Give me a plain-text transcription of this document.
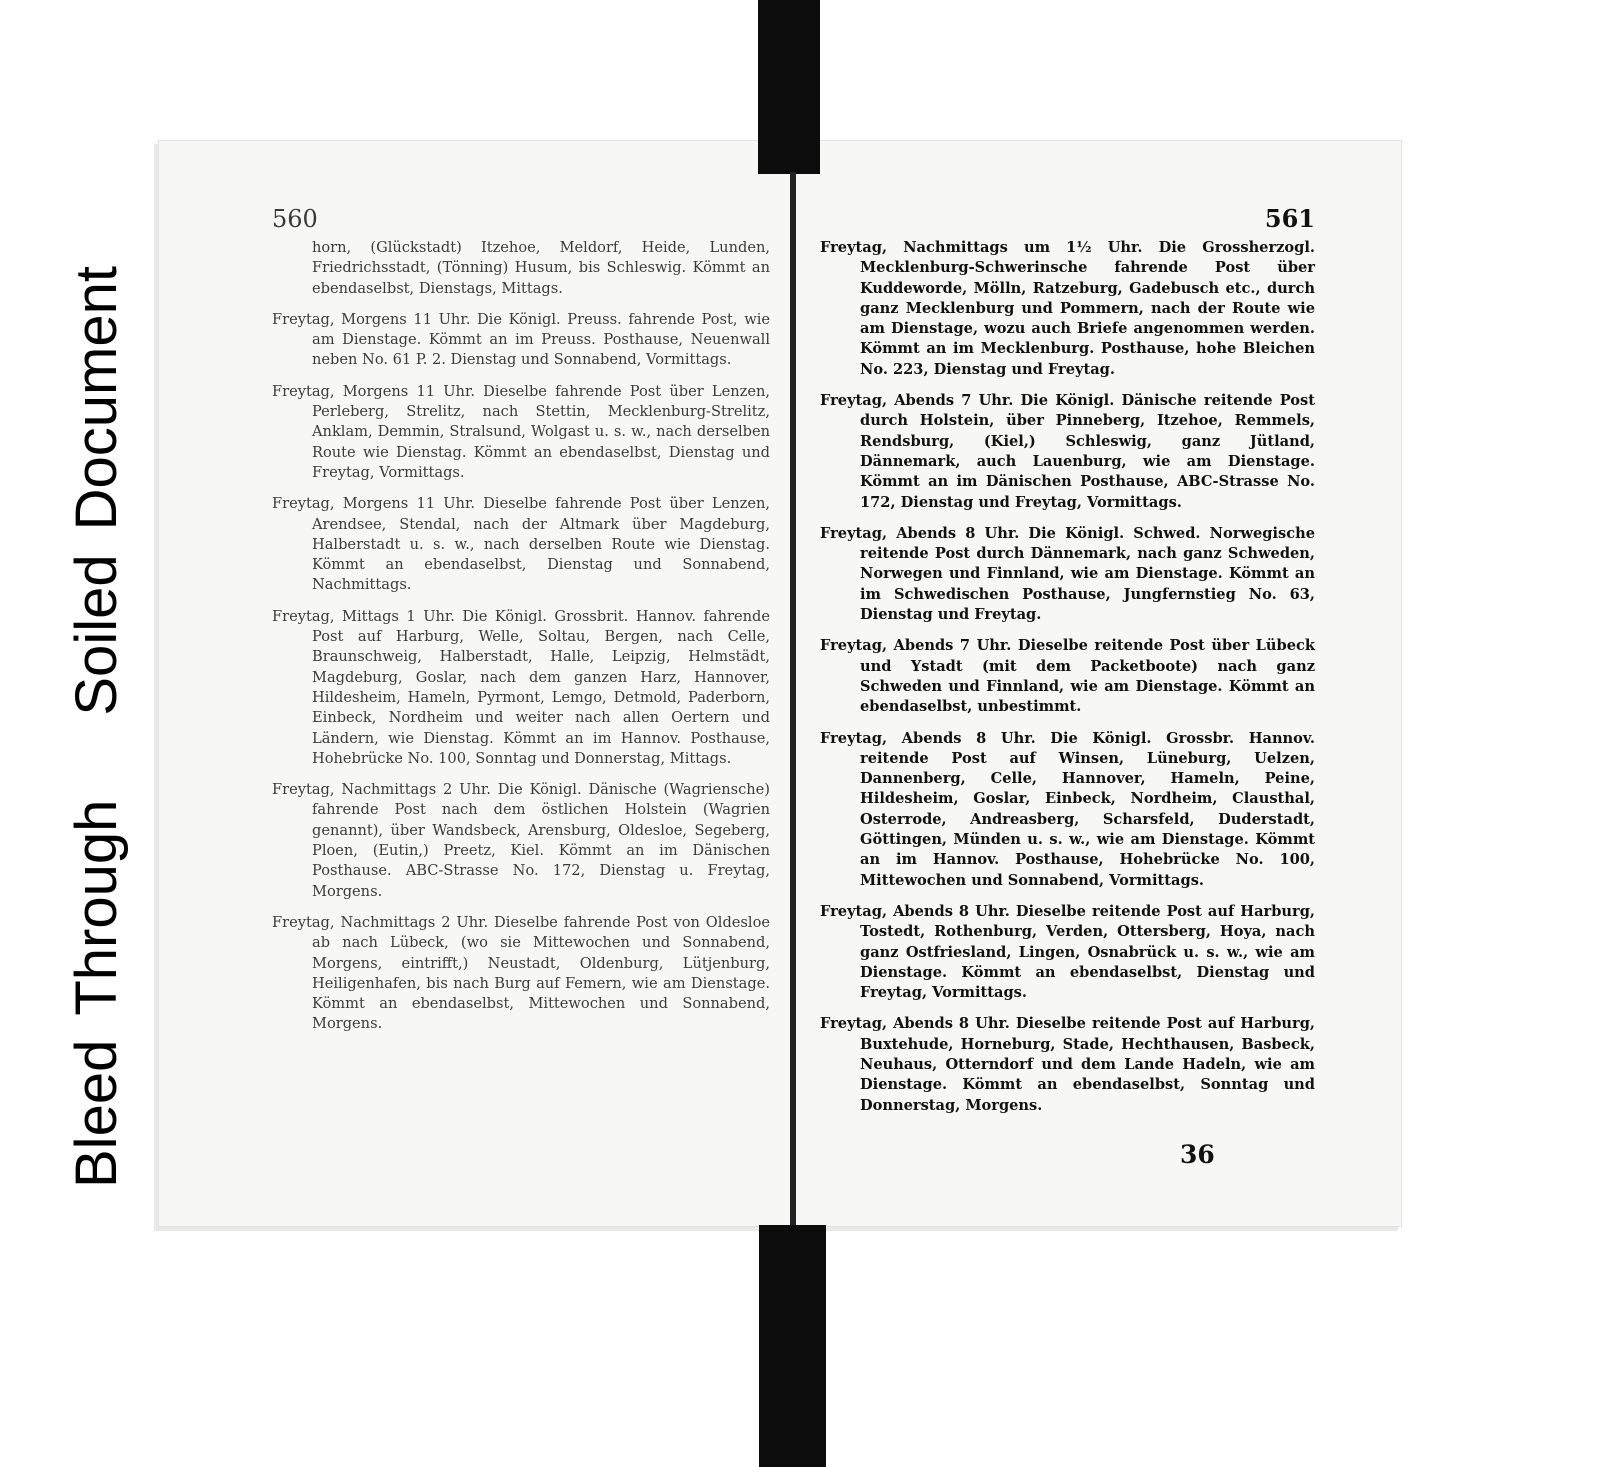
BleedThroughSoiledDocument
560
horn, (Glückstadt) Itzehoe, Meldorf, Heide, Lunden, Friedrichsstadt, (Tönning) Husum, bis Schleswig. Kömmt an ebendaselbst, Dienstags, Mittags.
Freytag, Morgens 11 Uhr. Die Königl. Preuss. fahrende Post, wie am Dienstage. Kömmt an im Preuss. Posthause, Neuenwall neben No. 61 P. 2. Dienstag und Sonnabend, Vormittags.
Freytag, Morgens 11 Uhr. Dieselbe fahrende Post über Lenzen, Perleberg, Strelitz, nach Stettin, Mecklenburg-Strelitz, Anklam, Demmin, Stralsund, Wolgast u. s. w., nach derselben Route wie Dienstag. Kömmt an ebendaselbst, Dienstag und Freytag, Vormittags.
Freytag, Morgens 11 Uhr. Dieselbe fahrende Post über Lenzen, Arendsee, Stendal, nach der Altmark über Magdeburg, Halberstadt u. s. w., nach derselben Route wie Dienstag. Kömmt an ebendaselbst, Dienstag und Sonnabend, Nachmittags.
Freytag, Mittags 1 Uhr. Die Königl. Grossbrit. Hannov. fahrende Post auf Harburg, Welle, Soltau, Bergen, nach Celle, Braunschweig, Halberstadt, Halle, Leipzig, Helmstädt, Magdeburg, Goslar, nach dem ganzen Harz, Hannover, Hildesheim, Hameln, Pyrmont, Lemgo, Detmold, Paderborn, Einbeck, Nordheim und weiter nach allen Oertern und Ländern, wie Dienstag. Kömmt an im Hannov. Posthause, Hohebrücke No. 100, Sonntag und Donnerstag, Mittags.
Freytag, Nachmittags 2 Uhr. Die Königl. Dänische (Wagriensche) fahrende Post nach dem östlichen Holstein (Wagrien genannt), über Wandsbeck, Arensburg, Oldesloe, Segeberg, Ploen, (Eutin,) Preetz, Kiel. Kömmt an im Dänischen Posthause. ABC-Strasse No. 172, Dienstag u. Freytag, Morgens.
Freytag, Nachmittags 2 Uhr. Dieselbe fahrende Post von Oldesloe ab nach Lübeck, (wo sie Mittewochen und Sonnabend, Morgens, eintrifft,) Neustadt, Oldenburg, Lütjenburg, Heiligenhafen, bis nach Burg auf Femern, wie am Dienstage. Kömmt an ebendaselbst, Mittewochen und Sonnabend, Morgens.
561
Freytag, Nachmittags um 1½ Uhr. Die Grossherzogl. Mecklenburg-Schwerinsche fahrende Post über Kuddeworde, Mölln, Ratzeburg, Gadebusch etc., durch ganz Mecklenburg und Pommern, nach der Route wie am Dienstage, wozu auch Briefe angenommen werden. Kömmt an im Mecklenburg. Posthause, hohe Bleichen No. 223, Dienstag und Freytag.
Freytag, Abends 7 Uhr. Die Königl. Dänische reitende Post durch Holstein, über Pinneberg, Itzehoe, Remmels, Rendsburg, (Kiel,) Schleswig, ganz Jütland, Dännemark, auch Lauenburg, wie am Dienstage. Kömmt an im Dänischen Posthause, ABC-Strasse No. 172, Dienstag und Freytag, Vormittags.
Freytag, Abends 8 Uhr. Die Königl. Schwed. Norwegische reitende Post durch Dännemark, nach ganz Schweden, Norwegen und Finnland, wie am Dienstage. Kömmt an im Schwedischen Posthause, Jungfernstieg No. 63, Dienstag und Freytag.
Freytag, Abends 7 Uhr. Dieselbe reitende Post über Lübeck und Ystadt (mit dem Packetboote) nach ganz Schweden und Finnland, wie am Dienstage. Kömmt an ebendaselbst, unbestimmt.
Freytag, Abends 8 Uhr. Die Königl. Grossbr. Hannov. reitende Post auf Winsen, Lüneburg, Uelzen, Dannenberg, Celle, Hannover, Hameln, Peine, Hildesheim, Goslar, Einbeck, Nordheim, Clausthal, Osterrode, Andreasberg, Scharsfeld, Duderstadt, Göttingen, Münden u. s. w., wie am Dienstage. Kömmt an im Hannov. Posthause, Hohebrücke No. 100, Mittewochen und Sonnabend, Vormittags.
Freytag, Abends 8 Uhr. Dieselbe reitende Post auf Harburg, Tostedt, Rothenburg, Verden, Ottersberg, Hoya, nach ganz Ostfriesland, Lingen, Osnabrück u. s. w., wie am Dienstage. Kömmt an ebendaselbst, Dienstag und Freytag, Vormittags.
Freytag, Abends 8 Uhr. Dieselbe reitende Post auf Harburg, Buxtehude, Horneburg, Stade, Hechthausen, Basbeck, Neuhaus, Otterndorf und dem Lande Hadeln, wie am Dienstage. Kömmt an ebendaselbst, Sonntag und Donnerstag, Morgens.
36
